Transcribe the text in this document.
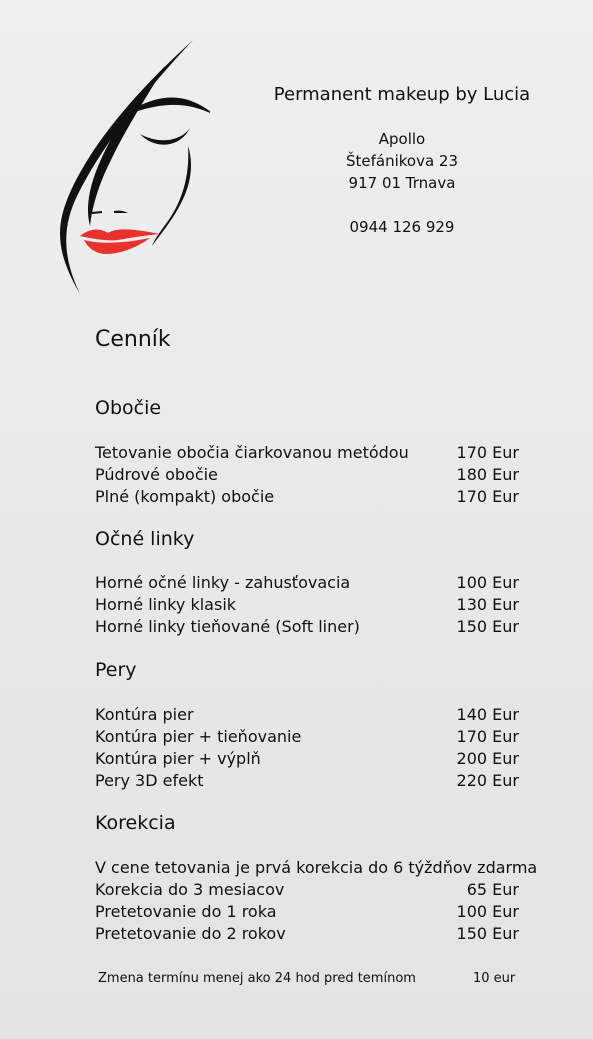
Permanent makeup by Lucia
Apollo
Štefánikova 23
917 01 Trnava
0944 126 929
Cenník
Obočie
Tetovanie obočia čiarkovanou metódou	170 Eur
Púdrové obočie	180 Eur
Plné (kompakt) obočie	170 Eur
Očné linky
Horné očné linky - zahusťovacia	100 Eur
Horné linky klasik	130 Eur
Horné linky tieňované (Soft liner)	150 Eur
Pery
Kontúra pier	140 Eur
Kontúra pier + tieňovanie	170 Eur
Kontúra pier + výplň	200 Eur
Pery 3D efekt	220 Eur
Korekcia
V cene tetovania je prvá korekcia do 6 týždňov zdarma
Korekcia do 3 mesiacov	65 Eur
Pretetovanie do 1 roka	100 Eur
Pretetovanie do 2 rokov	150 Eur
Zmena termínu menej ako 24 hod pred temínom	10 eur
